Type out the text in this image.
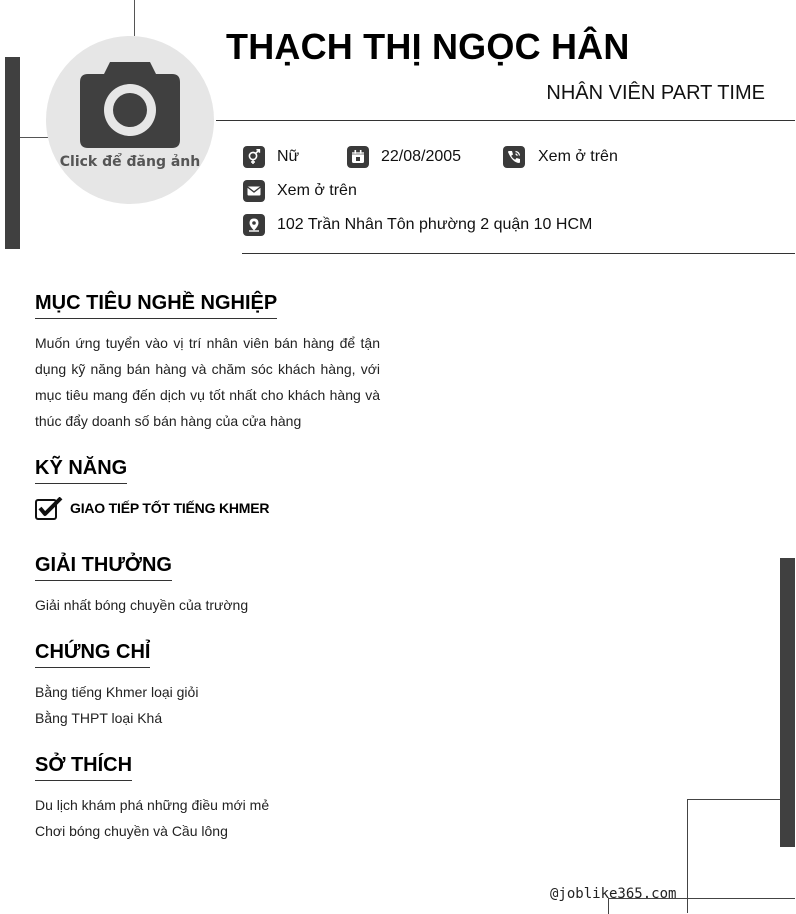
Click để đăng ảnh
THẠCH THỊ NGỌC HÂN
NHÂN VIÊN PART TIME
Nữ	22/08/2005	Xem ở trên
Xem ở trên
102 Trần Nhân Tôn phường 2 quận 10 HCM
MỤC TIÊU NGHỀ NGHIỆP
Muốn ứng tuyển vào vị trí nhân viên bán hàng để tận dụng kỹ năng bán hàng và chăm sóc khách hàng, với mục tiêu mang đến dịch vụ tốt nhất cho khách hàng và thúc đẩy doanh số bán hàng của cửa hàng
KỸ NĂNG
GIAO TIẾP TỐT TIẾNG KHMER
GIẢI THƯỞNG
Giải nhất bóng chuyền của trường
CHỨNG CHỈ
Bằng tiếng Khmer loại giỏi
Bằng THPT loại Khá
SỞ THÍCH
Du lịch khám phá những điều mới mẻ
Chơi bóng chuyền và Cầu lông
@joblike365.com
